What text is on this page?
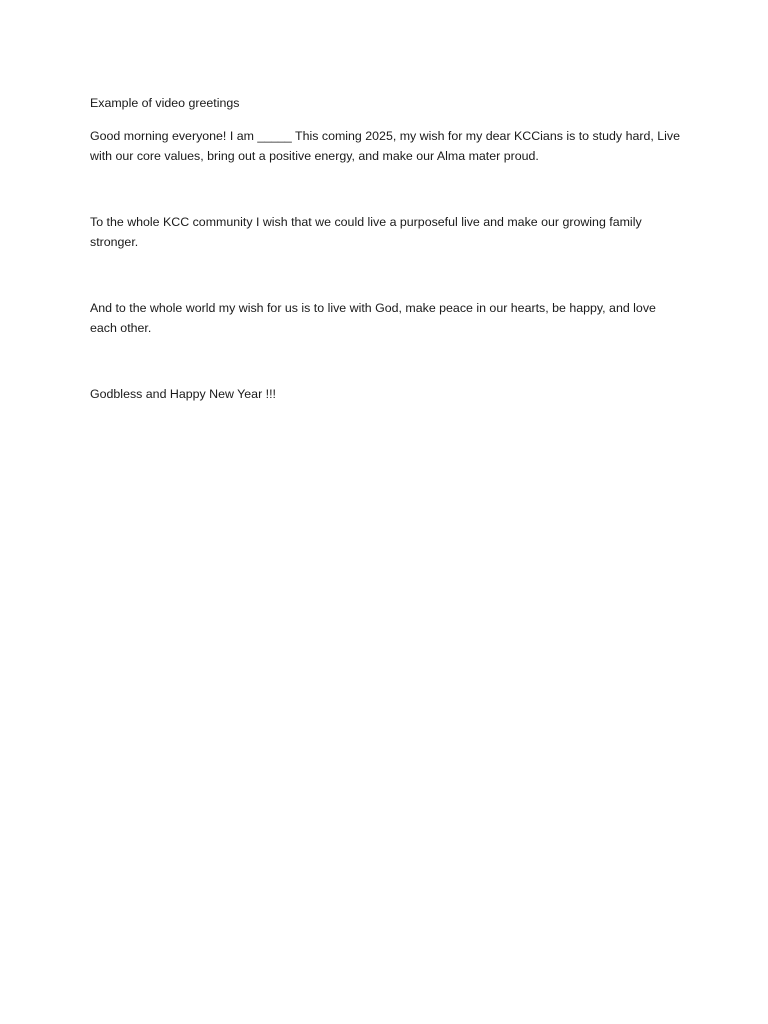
Example of video greetings

Good morning everyone! I am _____ This coming 2025, my wish for my dear KCCians is to study hard, Live with our core values, bring out a positive energy, and make our Alma mater proud.

To the whole KCC community I wish that we could live a purposeful live and make our growing family stronger.

And to the whole world my wish for us is to live with God, make peace in our hearts, be happy, and love each other.

Godbless and Happy New Year !!!
